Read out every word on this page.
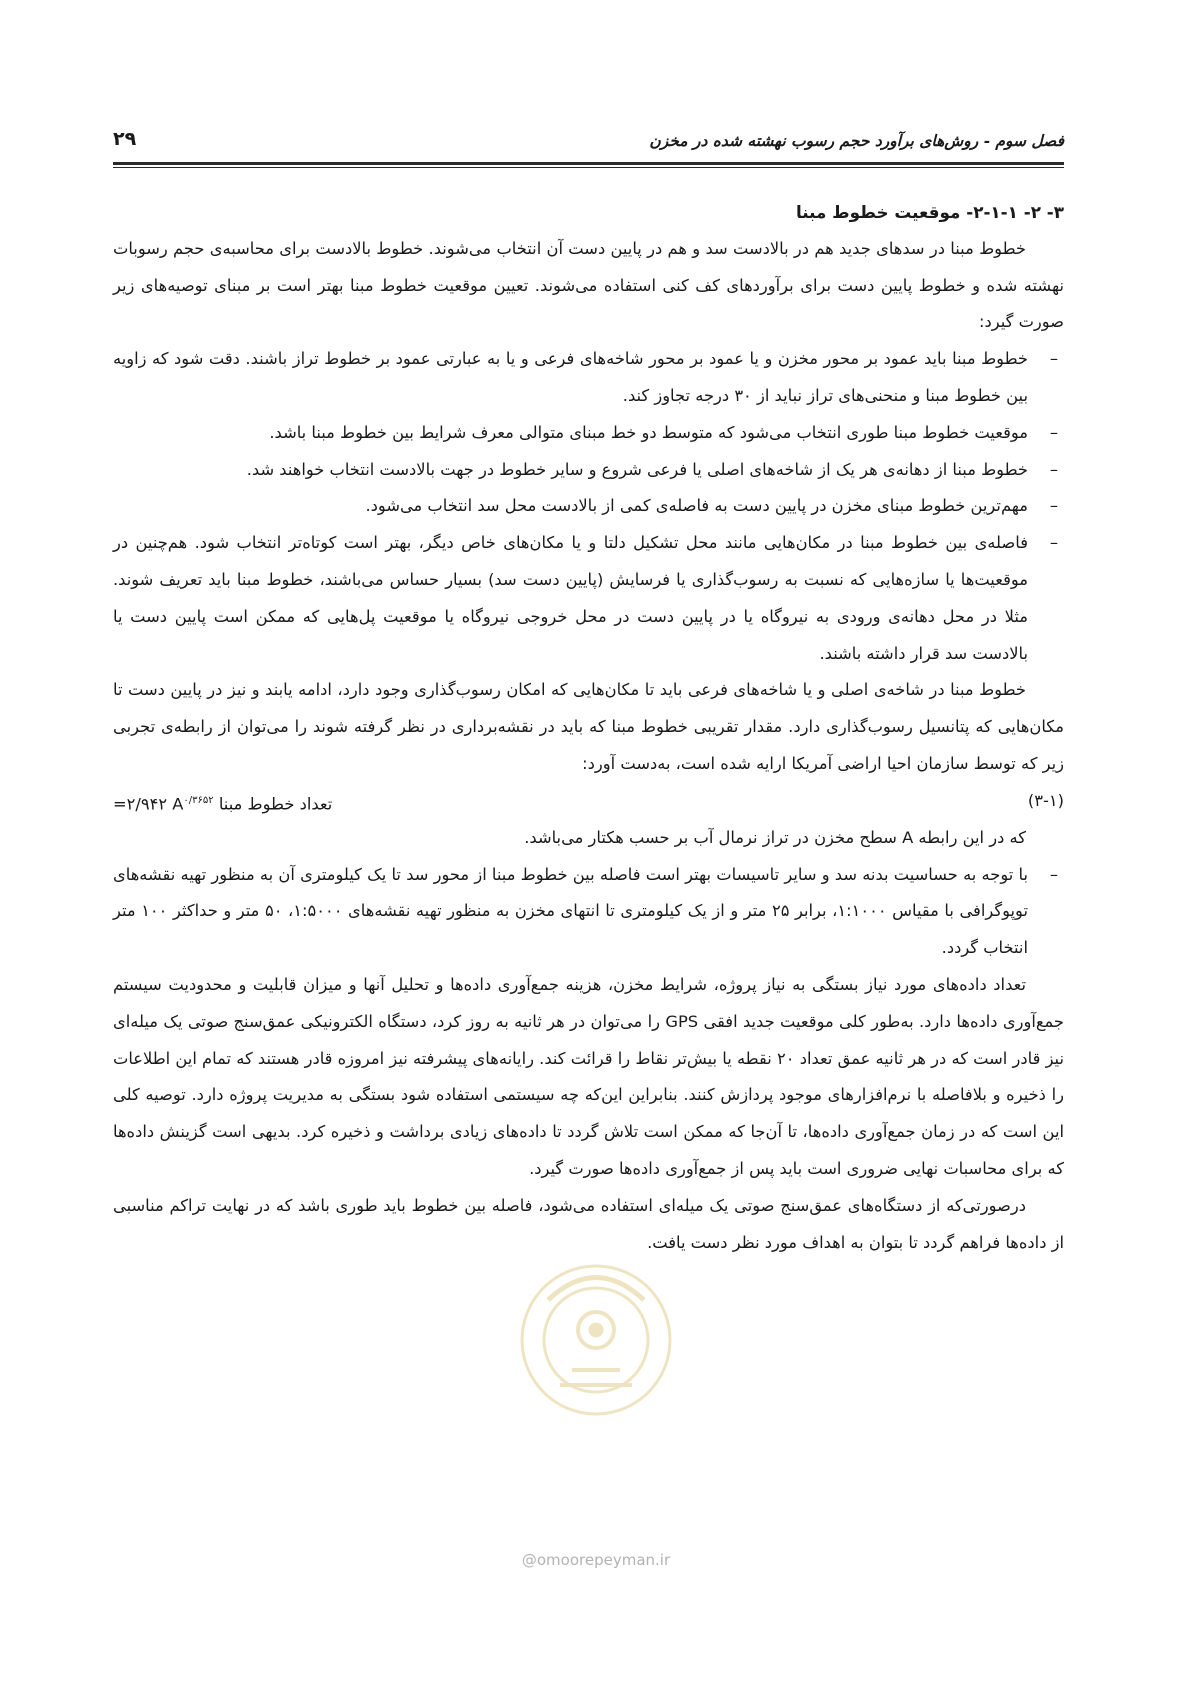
فصل سوم - روش‌های برآورد حجم رسوب نهشته شده در مخزن
۲۹

۳- ۲- ۲-۱-۱- موقعیت خطوط مبنا

خطوط مبنا در سدهای جدید هم در بالادست سد و هم در پایین دست آن انتخاب می‌شوند. خطوط بالادست برای محاسبه‌ی حجم رسوبات نهشته شده و خطوط پایین دست برای برآوردهای کف کنی استفاده می‌شوند. تعیین موقعیت خطوط مبنا بهتر است بر مبنای توصیه‌های زیر صورت گیرد:

–
خطوط مبنا باید عمود بر محور مخزن و یا عمود بر محور شاخه‌های فرعی و یا به عبارتی عمود بر خطوط تراز باشند. دقت شود که زاویه بین خطوط مبنا و منحنی‌های تراز نباید از ۳۰ درجه تجاوز کند.
–
موقعیت خطوط مبنا طوری انتخاب می‌شود که متوسط دو خط مبنای متوالی معرف شرایط بین خطوط مبنا باشد.
–
خطوط مبنا از دهانه‌ی هر یک از شاخه‌های اصلی یا فرعی شروع و سایر خطوط در جهت بالادست انتخاب خواهند شد.
–
مهم‌ترین خطوط مبنای مخزن در پایین دست به فاصله‌ی کمی از بالادست محل سد انتخاب می‌شود.
–
فاصله‌ی بین خطوط مبنا در مکان‌هایی مانند محل تشکیل دلتا و یا مکان‌های خاص دیگر، بهتر است کوتاه‌تر انتخاب شود. هم‌چنین در موقعیت‌ها یا سازه‌هایی که نسبت به رسوب‌گذاری یا فرسایش (پایین دست سد) بسیار حساس می‌باشند، خطوط مبنا باید تعریف شوند. مثلا در محل دهانه‌ی ورودی به نیروگاه یا در پایین دست در محل خروجی نیروگاه یا موقعیت پل‌هایی که ممکن است پایین دست یا بالادست سد قرار داشته باشند.

خطوط مبنا در شاخه‌ی اصلی و یا شاخه‌های فرعی باید تا مکان‌هایی که امکان رسوب‌گذاری وجود دارد، ادامه یابند و نیز در پایین دست تا مکان‌هایی که پتانسیل رسوب‌گذاری دارد. مقدار تقریبی خطوط مبنا که باید در نقشه‌برداری در نظر گرفته شوند را می‌توان از رابطه‌ی تجربی زیر که توسط سازمان احیا اراضی آمریکا ارایه شده است، به‌دست آورد:

(۳-۱)
تعداد خطوط مبنا =۲/۹۴۲ $A^{۰/۳۶۵۲}$

که در این رابطه A سطح مخزن در تراز نرمال آب بر حسب هکتار می‌باشد.

–
با توجه به حساسیت بدنه سد و سایر تاسیسات بهتر است فاصله بین خطوط مبنا از محور سد تا یک کیلومتری آن به منظور تهیه نقشه‌های توپوگرافی با مقیاس ۱:۱۰۰۰، برابر ۲۵ متر و از یک کیلومتری تا انتهای مخزن به منظور تهیه نقشه‌های ۱:۵۰۰۰، ۵۰ متر و حداکثر ۱۰۰ متر انتخاب گردد.

تعداد داده‌های مورد نیاز بستگی به نیاز پروژه، شرایط مخزن، هزینه جمع‌آوری داده‌ها و تحلیل آنها و میزان قابلیت و محدودیت سیستم جمع‌آوری داده‌ها دارد. به‌طور کلی موقعیت جدید افقی GPS را می‌توان در هر ثانیه به روز کرد، دستگاه الکترونیکی عمق‌سنج صوتی یک میله‌ای نیز قادر است که در هر ثانیه عمق تعداد ۲۰ نقطه یا بیش‌تر نقاط را قرائت کند. رایانه‌های پیشرفته نیز امروزه قادر هستند که تمام این اطلاعات را ذخیره و بلافاصله با نرم‌افزارهای موجود پردازش کنند. بنابراین این‌که چه سیستمی استفاده شود بستگی به مدیریت پروژه دارد. توصیه کلی این است که در زمان جمع‌آوری داده‌ها، تا آن‌جا که ممکن است تلاش گردد تا داده‌های زیادی برداشت و ذخیره کرد. بدیهی است گزینش داده‌ها که برای محاسبات نهایی ضروری است باید پس از جمع‌آوری داده‌ها صورت گیرد.

درصورتی‌که از دستگاه‌های عمق‌سنج صوتی یک میله‌ای استفاده می‌شود، فاصله بین خطوط باید طوری باشد که در نهایت تراکم مناسبی از داده‌ها فراهم گردد تا بتوان به اهداف مورد نظر دست یافت.

@omoorepeyman.ir
